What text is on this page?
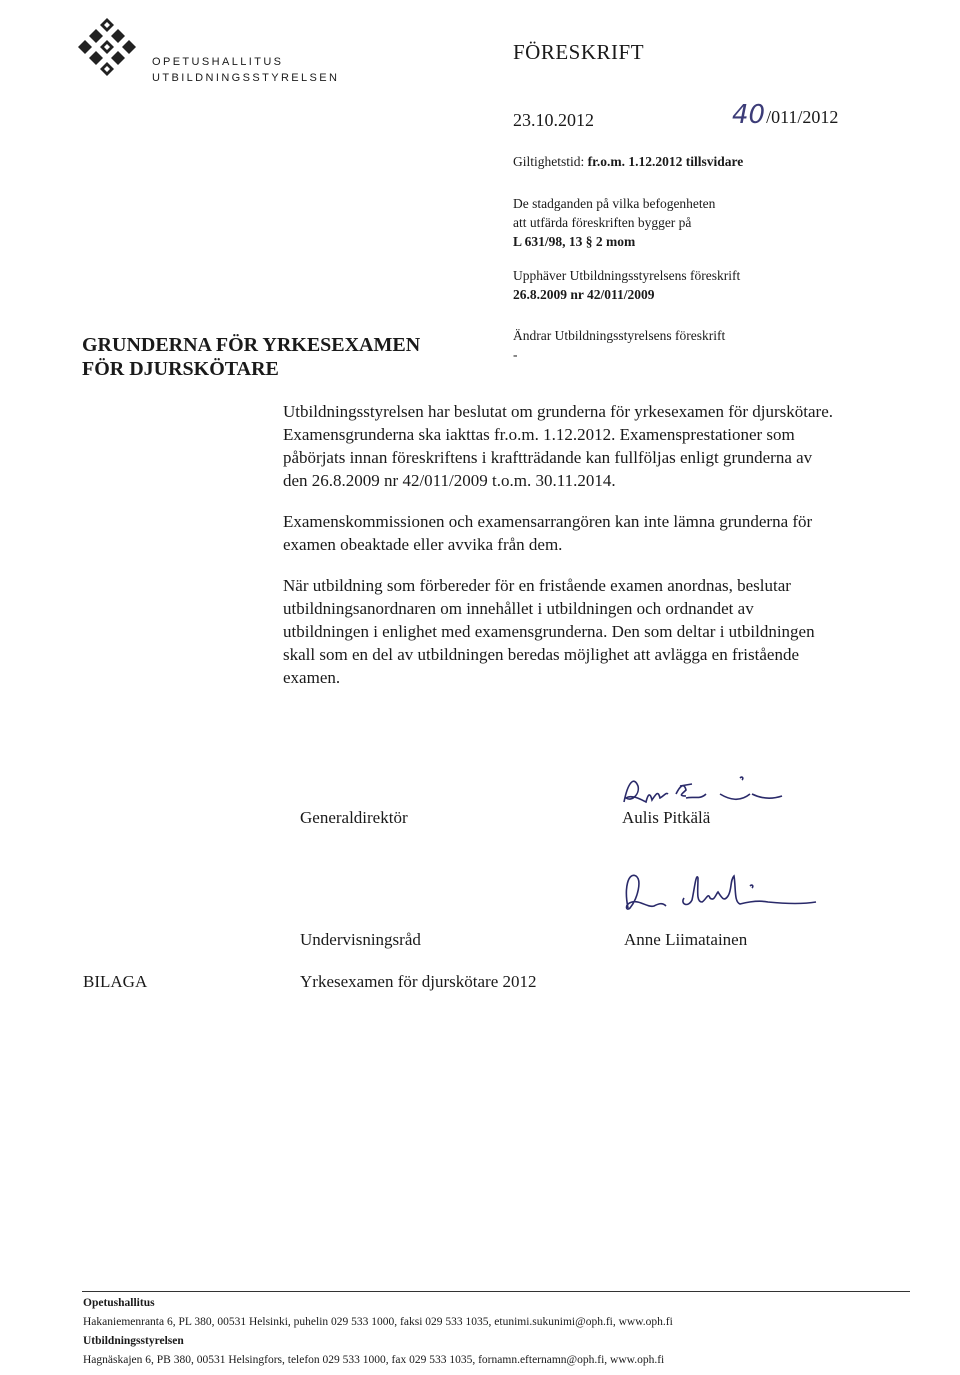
OPETUSHALLITUS
UTBILDNINGSSTYRELSEN
FÖRESKRIFT
23.10.2012	40/011/2012
Giltighetstid: fr.o.m. 1.12.2012 tillsvidare
De stadganden på vilka befogenheten
att utfärda föreskriften bygger på
L 631/98, 13 § 2 mom
Upphäver Utbildningsstyrelsens föreskrift
26.8.2009 nr 42/011/2009
Ändrar Utbildningsstyrelsens föreskrift
-
GRUNDERNA FÖR YRKESEXAMEN
FÖR DJURSKÖTARE

Utbildningsstyrelsen har beslutat om grunderna för yrkesexamen för djurskötare.

Examensgrunderna ska iakttas fr.o.m. 1.12.2012. Examensprestationer som

påbörjats innan föreskriftens i kraftträdande kan fullföljas enligt grunderna av

den 26.8.2009 nr 42/011/2009 t.o.m. 30.11.2014.

Examenskommissionen och examensarrangören kan inte lämna grunderna för

examen obeaktade eller avvika från dem.

När utbildning som förbereder för en fristående examen anordnas, beslutar

utbildningsanordnaren om innehållet i utbildningen och ordnandet av

utbildningen i enlighet med examensgrunderna. Den som deltar i utbildningen

skall som en del av utbildningen beredas möjlighet att avlägga en fristående

examen.

Generaldirektör	Aulis Pitkälä
Undervisningsråd	Anne Liimatainen
BILAGA	Yrkesexamen för djurskötare 2012
Opetushallitus
Hakaniemenranta 6, PL 380, 00531 Helsinki, puhelin 029 533 1000, faksi 029 533 1035, etunimi.sukunimi@oph.fi, www.oph.fi
Utbildningsstyrelsen
Hagnäskajen 6, PB 380, 00531 Helsingfors, telefon 029 533 1000, fax 029 533 1035, fornamn.efternamn@oph.fi, www.oph.fi
